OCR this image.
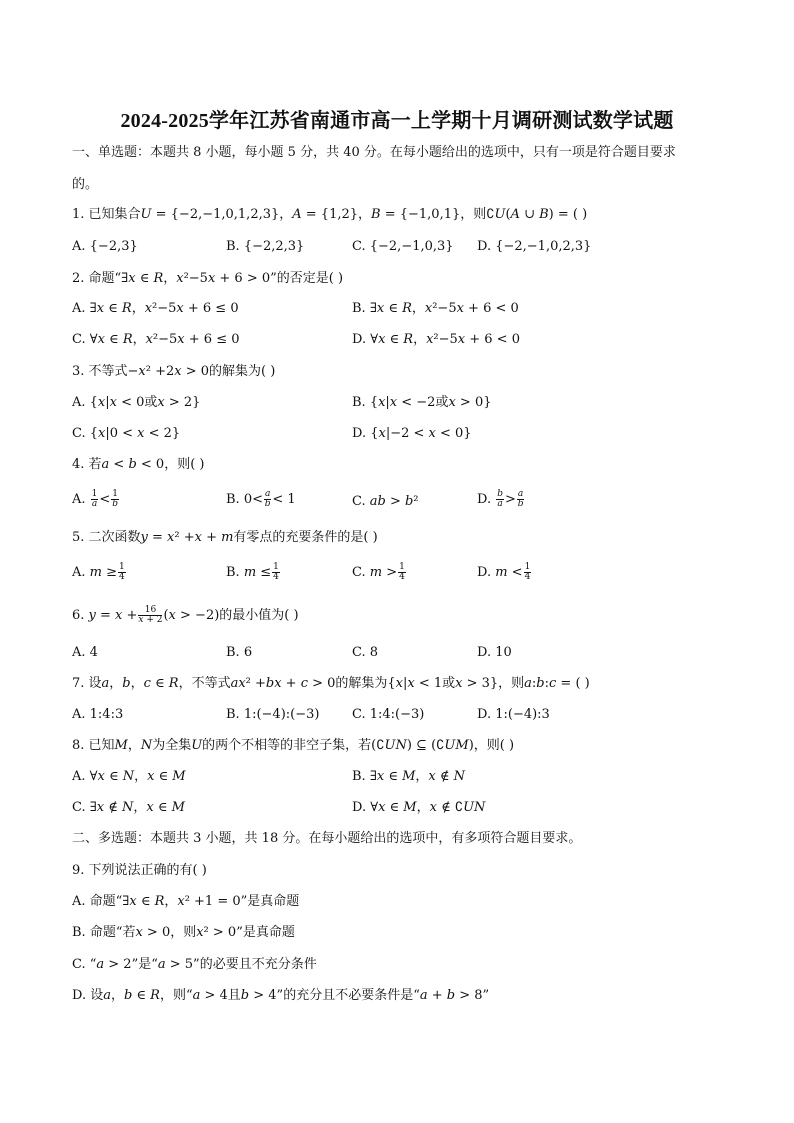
2024-2025学年江苏省南通市高一上学期十月调研测试数学试题
一、单选题：本题共 8 小题，每小题 5 分，共 40 分。在每小题给出的选项中，只有一项是符合题目要求
的。
1. 已知集合𝑈 = {−2,−1,0,1,2,3}，𝐴 = {1,2}，𝐵 = {−1,0,1}，则∁𝑈(𝐴 ∪ 𝐵) = ( )
A. {−2,3}	B. {−2,2,3}	C. {−2,−1,0,3} D. {−2,−1,0,2,3}
2. 命题“∃𝑥 ∈ 𝑅，𝑥²−5𝑥 + 6 > 0”的否定是( )
A. ∃𝑥 ∈ 𝑅，𝑥²−5𝑥 + 6 ≤ 0	B. ∃𝑥 ∈ 𝑅，𝑥²−5𝑥 + 6 < 0
C. ∀𝑥 ∈ 𝑅，𝑥²−5𝑥 + 6 ≤ 0	D. ∀𝑥 ∈ 𝑅，𝑥²−5𝑥 + 6 < 0
3. 不等式−𝑥² +2𝑥 > 0的解集为( )
A. {𝑥|𝑥 < 0或𝑥 > 2}	B. {𝑥|𝑥 < −2或𝑥 > 0}
C. {𝑥|0 < 𝑥 < 2}	D. {𝑥|−2 < 𝑥 < 0}
4. 若𝑎 < 𝑏 < 0，则( )
A. $\frac{1}{\text{𝑎}} < \frac{1}{\text{𝑏}}$	B. $0< \frac{\text{𝑎}}{\text{𝑏}} < 1$	C. 𝑎𝑏 > 𝑏²	D. $\frac{\text{𝑏}}{\text{𝑎}} > \frac{\text{𝑎}}{\text{𝑏}}$
5. 二次函数𝑦 = 𝑥² +𝑥 + 𝑚有零点的充要条件的是( )
A. 𝑚 ≥ $\frac{1}{4}$	B. 𝑚 ≤ $\frac{1}{4}$	C. 𝑚 > $\frac{1}{4}$	D. 𝑚 < $\frac{1}{4}$
6. 𝑦 = 𝑥 + $\frac{16}{\text{𝑥 + 2}}$ (𝑥 > −2)的最小值为( )
A. 4	B. 6	C. 8	D. 10
7. 设𝑎，𝑏，𝑐 ∈ 𝑅，不等式𝑎𝑥² +𝑏𝑥 + 𝑐 > 0的解集为{𝑥|𝑥 < 1或𝑥 > 3}，则𝑎:𝑏:𝑐 = ( )
A. 1:4:3	B. 1:(−4):(−3)	C. 1:4:(−3)	D. 1:(−4):3
8. 已知𝑀，𝑁为全集𝑈的两个不相等的非空子集，若(∁𝑈𝑁) ⊆ (∁𝑈𝑀)，则( )
A. ∀𝑥 ∈ 𝑁，𝑥 ∈ 𝑀	B. ∃𝑥 ∈ 𝑀，𝑥 ∉ 𝑁
C. ∃𝑥 ∉ 𝑁，𝑥 ∈ 𝑀	D. ∀𝑥 ∈ 𝑀，𝑥 ∉ ∁𝑈𝑁
二、多选题：本题共 3 小题，共 18 分。在每小题给出的选项中，有多项符合题目要求。
9. 下列说法正确的有( )
A. 命题“∃𝑥 ∈ 𝑅，𝑥² +1 = 0”是真命题
B. 命题“若𝑥 > 0，则𝑥² > 0”是真命题
C. “𝑎 > 2”是“𝑎 > 5”的必要且不充分条件
D. 设𝑎，𝑏 ∈ 𝑅，则“𝑎 > 4且𝑏 > 4”的充分且不必要条件是“𝑎 + 𝑏 > 8”
